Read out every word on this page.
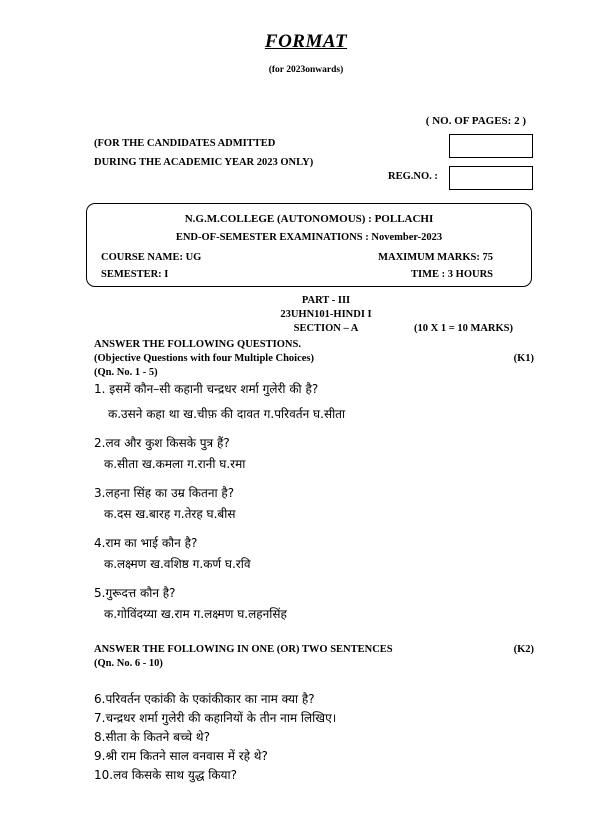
FORMAT
(for 2023onwards)
( NO. OF PAGES: 2 )
(FOR THE CANDIDATES ADMITTED
DURING THE ACADEMIC YEAR 2023 ONLY)
REG.NO. :
N.G.M.COLLEGE (AUTONOMOUS) : POLLACHI
END-OF-SEMESTER EXAMINATIONS : November-2023
COURSE NAME: UG	MAXIMUM MARKS: 75
SEMESTER: I	TIME : 3 HOURS
PART - III
23UHN101-HINDI I
SECTION – A	(10 X 1 = 10 MARKS)
ANSWER THE FOLLOWING QUESTIONS.
(K1)
(Objective Questions with four Multiple Choices)
(Qn. No. 1 - 5)
1. इसमें कौन–सी कहानी चन्द्रधर शर्मा गुलेरी की है?
क.उसने कहा था ख.चीफ़ की दावत ग.परिवर्तन घ.सीता
2.लव और कुश किसके पुत्र हैं?
क.सीता ख.कमला ग.रानी घ.रमा
3.लहना सिंह का उम्र कितना है?
क.दस ख.बारह ग.तेरह घ.बीस
4.राम का भाई कौन है?
क.लक्ष्मण ख.वशिष्ठ ग.कर्ण घ.रवि
5.गुरूदत्त कौन है?
क.गोविंदय्या ख.राम ग.लक्ष्मण घ.लहनसिंह
(K2)
ANSWER THE FOLLOWING IN ONE (OR) TWO SENTENCES
(Qn. No. 6 - 10)
6.परिवर्तन एकांकी के एकांकीकार का नाम क्या है?
7.चन्द्रधर शर्मा गुलेरी की कहानियों के तीन नाम लिखिए।
8.सीता के कितने बच्चे थे?
9.श्री राम कितने साल वनवास में रहे थे?
10.लव किसके साथ युद्ध किया?
